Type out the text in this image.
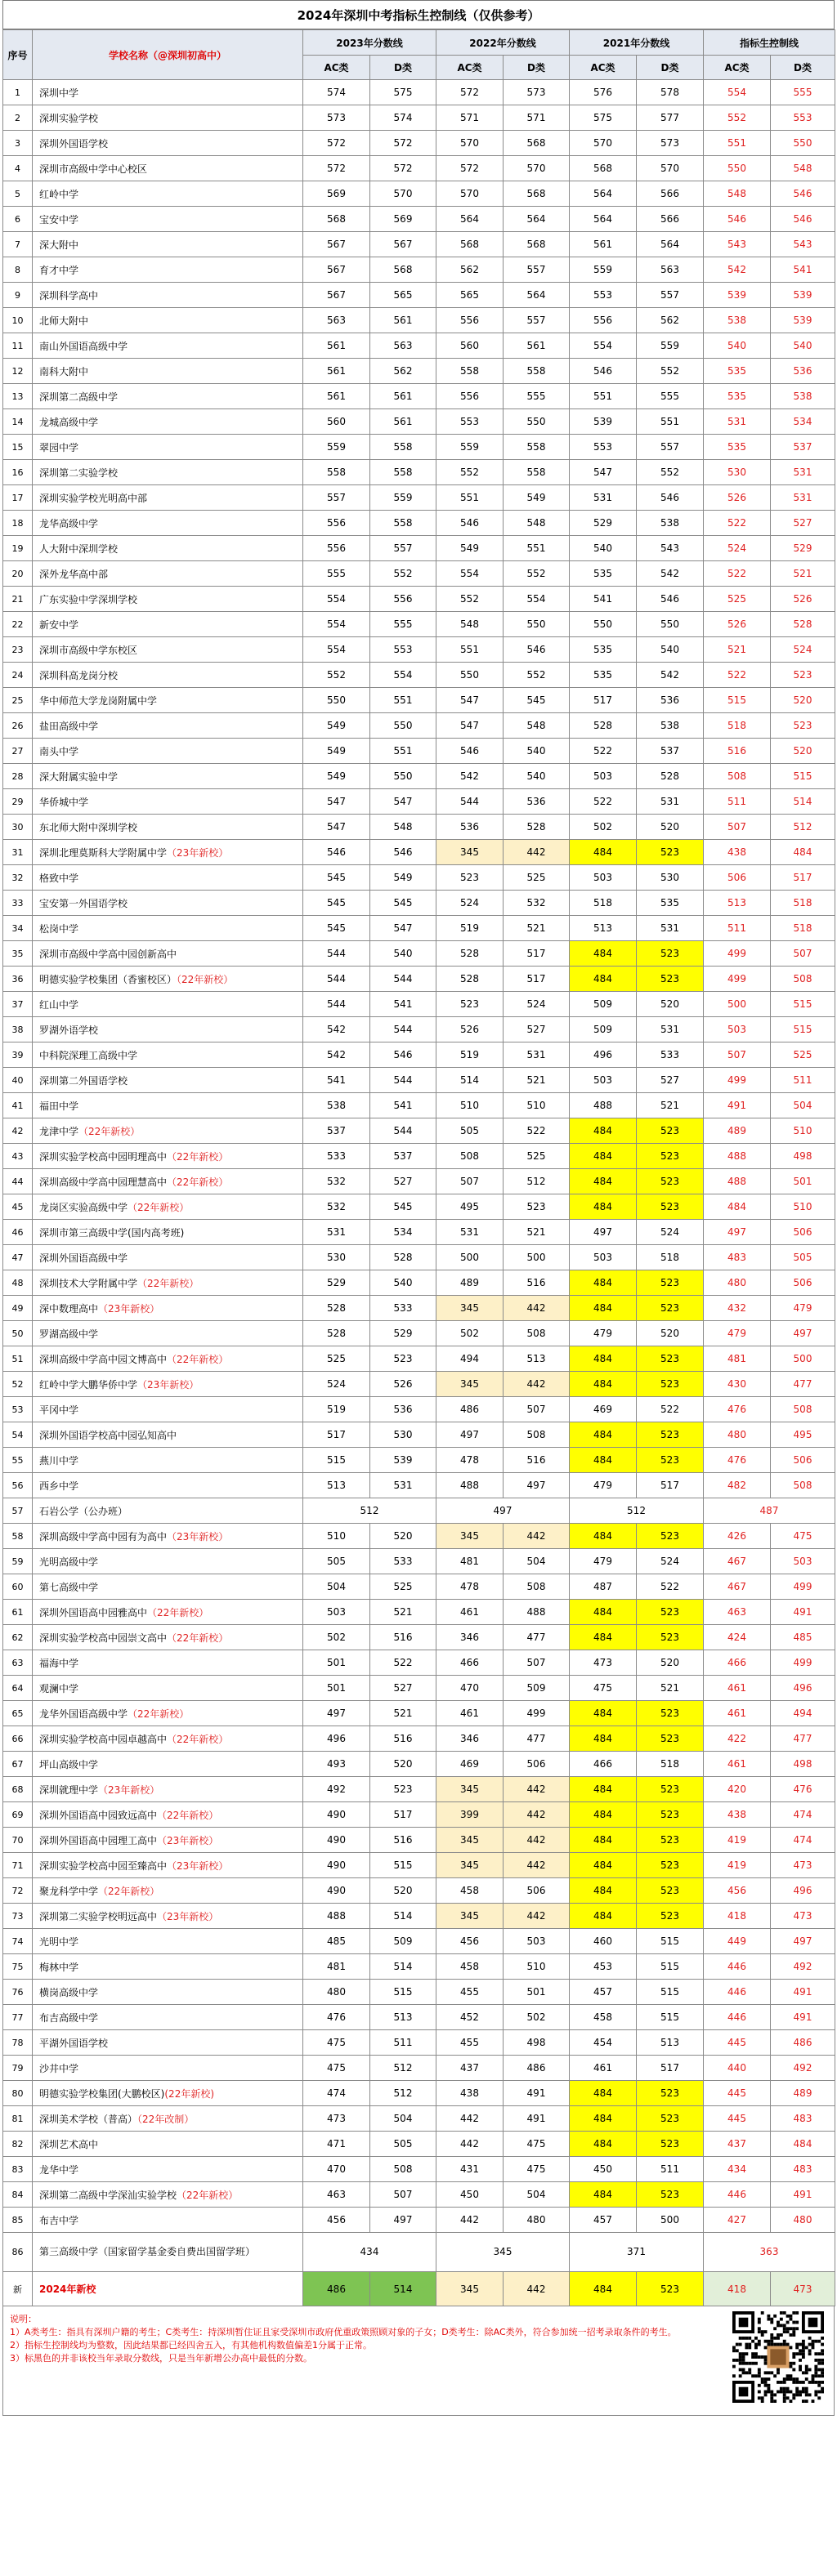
2024年深圳中考指标生控制线（仅供参考）
序号	学校名称（@深圳初高中）	2023年分数线		2022年分数线		2021年分数线		指标生控制线	
		AC类	D类	AC类	D类	AC类	D类	AC类	D类
1	深圳中学	574	575	572	573	576	578	554	555
2	深圳实验学校	573	574	571	571	575	577	552	553
3	深圳外国语学校	572	572	570	568	570	573	551	550
4	深圳市高级中学中心校区	572	572	572	570	568	570	550	548
5	红岭中学	569	570	570	568	564	566	548	546
6	宝安中学	568	569	564	564	564	566	546	546
7	深大附中	567	567	568	568	561	564	543	543
8	育才中学	567	568	562	557	559	563	542	541
9	深圳科学高中	567	565	565	564	553	557	539	539
10	北师大附中	563	561	556	557	556	562	538	539
11	南山外国语高级中学	561	563	560	561	554	559	540	540
12	南科大附中	561	562	558	558	546	552	535	536
13	深圳第二高级中学	561	561	556	555	551	555	535	538
14	龙城高级中学	560	561	553	550	539	551	531	534
15	翠园中学	559	558	559	558	553	557	535	537
16	深圳第二实验学校	558	558	552	558	547	552	530	531
17	深圳实验学校光明高中部	557	559	551	549	531	546	526	531
18	龙华高级中学	556	558	546	548	529	538	522	527
19	人大附中深圳学校	556	557	549	551	540	543	524	529
20	深外龙华高中部	555	552	554	552	535	542	522	521
21	广东实验中学深圳学校	554	556	552	554	541	546	525	526
22	新安中学	554	555	548	550	550	550	526	528
23	深圳市高级中学东校区	554	553	551	546	535	540	521	524
24	深圳科高龙岗分校	552	554	550	552	535	542	522	523
25	华中师范大学龙岗附属中学	550	551	547	545	517	536	515	520
26	盐田高级中学	549	550	547	548	528	538	518	523
27	南头中学	549	551	546	540	522	537	516	520
28	深大附属实验中学	549	550	542	540	503	528	508	515
29	华侨城中学	547	547	544	536	522	531	511	514
30	东北师大附中深圳学校	547	548	536	528	502	520	507	512
31	深圳北理莫斯科大学附属中学（23年新校）	546	546	345	442	484	523	438	484
32	格致中学	545	549	523	525	503	530	506	517
33	宝安第一外国语学校	545	545	524	532	518	535	513	518
34	松岗中学	545	547	519	521	513	531	511	518
35	深圳市高级中学高中园创新高中	544	540	528	517	484	523	499	507
36	明德实验学校集团（香蜜校区）（22年新校）	544	544	528	517	484	523	499	508
37	红山中学	544	541	523	524	509	520	500	515
38	罗湖外语学校	542	544	526	527	509	531	503	515
39	中科院深理工高级中学	542	546	519	531	496	533	507	525
40	深圳第二外国语学校	541	544	514	521	503	527	499	511
41	福田中学	538	541	510	510	488	521	491	504
42	龙津中学（22年新校）	537	544	505	522	484	523	489	510
43	深圳实验学校高中园明理高中（22年新校）	533	537	508	525	484	523	488	498
44	深圳高级中学高中园理慧高中（22年新校）	532	527	507	512	484	523	488	501
45	龙岗区实验高级中学（22年新校）	532	545	495	523	484	523	484	510
46	深圳市第三高级中学(国内高考班)	531	534	531	521	497	524	497	506
47	深圳外国语高级中学	530	528	500	500	503	518	483	505
48	深圳技术大学附属中学（22年新校）	529	540	489	516	484	523	480	506
49	深中数理高中（23年新校）	528	533	345	442	484	523	432	479
50	罗湖高级中学	528	529	502	508	479	520	479	497
51	深圳高级中学高中园文博高中（22年新校）	525	523	494	513	484	523	481	500
52	红岭中学大鹏华侨中学（23年新校）	524	526	345	442	484	523	430	477
53	平冈中学	519	536	486	507	469	522	476	508
54	深圳外国语学校高中园弘知高中	517	530	497	508	484	523	480	495
55	燕川中学	515	539	478	516	484	523	476	506
56	西乡中学	513	531	488	497	479	517	482	508
57	石岩公学（公办班）	512		497		512		487	
58	深圳高级中学高中园有为高中（23年新校）	510	520	345	442	484	523	426	475
59	光明高级中学	505	533	481	504	479	524	467	503
60	第七高级中学	504	525	478	508	487	522	467	499
61	深圳外国语高中园雅高中（22年新校）	503	521	461	488	484	523	463	491
62	深圳实验学校高中园崇文高中（22年新校）	502	516	346	477	484	523	424	485
63	福海中学	501	522	466	507	473	520	466	499
64	观澜中学	501	527	470	509	475	521	461	496
65	龙华外国语高级中学（22年新校）	497	521	461	499	484	523	461	494
66	深圳实验学校高中园卓越高中（22年新校）	496	516	346	477	484	523	422	477
67	坪山高级中学	493	520	469	506	466	518	461	498
68	深圳就理中学（23年新校）	492	523	345	442	484	523	420	476
69	深圳外国语高中园致远高中（22年新校）	490	517	399	442	484	523	438	474
70	深圳外国语高中园理工高中（23年新校）	490	516	345	442	484	523	419	474
71	深圳实验学校高中园至臻高中（23年新校）	490	515	345	442	484	523	419	473
72	聚龙科学中学（22年新校）	490	520	458	506	484	523	456	496
73	深圳第二实验学校明远高中（23年新校）	488	514	345	442	484	523	418	473
74	光明中学	485	509	456	503	460	515	449	497
75	梅林中学	481	514	458	510	453	515	446	492
76	横岗高级中学	480	515	455	501	457	515	446	491
77	布吉高级中学	476	513	452	502	458	515	446	491
78	平湖外国语学校	475	511	455	498	454	513	445	486
79	沙井中学	475	512	437	486	461	517	440	492
80	明德实验学校集团(大鹏校区)(22年新校)	474	512	438	491	484	523	445	489
81	深圳美术学校（普高）（22年改制）	473	504	442	491	484	523	445	483
82	深圳艺术高中	471	505	442	475	484	523	437	484
83	龙华中学	470	508	431	475	450	511	434	483
84	深圳第二高级中学深汕实验学校（22年新校）	463	507	450	504	484	523	446	491
85	布吉中学	456	497	442	480	457	500	427	480
86	第三高级中学（国家留学基金委自费出国留学班）	434		345		371		363	
新	2024年新校	486	514	345	442	484	523	418	473
说明：
1）A类考生：指具有深圳户籍的考生；C类考生：持深圳暂住证且家受深圳市政府优重政策照顾对象的子女；D类考生：除AC类外，符合参加统一招考录取条件的考生。
2）指标生控制线均为整数，因此结果都已经四舍五入，有其他机构数值偏差1分属于正常。
3）标黑色的并非该校当年录取分数线，只是当年新增公办高中最低的分数。
